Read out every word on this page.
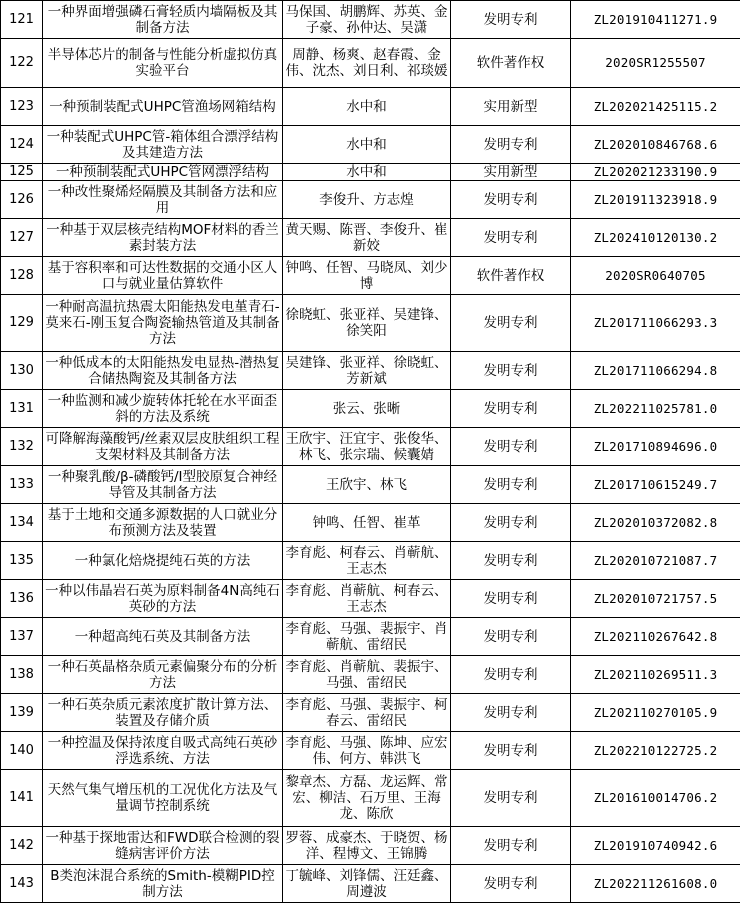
121	一种界面增强磷石膏轻质内墙隔板及其制备方法	马保国、胡鹏辉、苏英、金子豪、孙仲达、吴潇	发明专利	ZL201910411271.9
122	半导体芯片的制备与性能分析虚拟仿真实验平台	周静、杨爽、赵春霞、金伟、沈杰、刘日利、祁琰媛	软件著作权	2020SR1255507
123	一种预制装配式UHPC管渔场网箱结构	水中和	实用新型	ZL202021425115.2
124	一种装配式UHPC管-箱体组合漂浮结构及其建造方法	水中和	发明专利	ZL202010846768.6
125	一种预制装配式UHPC管网漂浮结构	水中和	实用新型	ZL202021233190.9
126	一种改性聚烯烃隔膜及其制备方法和应用	李俊升、方志煌	发明专利	ZL201911323918.9
127	一种基于双层核壳结构MOF材料的香兰素封装方法	黄天赐、陈晋、李俊升、崔新姣	发明专利	ZL202410120130.2
128	基于容积率和可达性数据的交通小区人口与就业量估算软件	钟鸣、任智、马晓凤、刘少博	软件著作权	2020SR0640705
129	一种耐高温抗热震太阳能热发电堇青石-莫来石-刚玉复合陶瓷输热管道及其制备方法	徐晓虹、张亚祥、吴建锋、徐笑阳	发明专利	ZL201711066293.3
130	一种低成本的太阳能热发电显热-潜热复合储热陶瓷及其制备方法	吴建锋、张亚祥、徐晓虹、芳新斌	发明专利	ZL201711066294.8
131	一种监测和减少旋转体托轮在水平面歪斜的方法及系统	张云、张晰	发明专利	ZL202211025781.0
132	可降解海藻酸钙/丝素双层皮肤组织工程支架材料及其制备方法	王欣宇、汪宜宇、张俊华、林飞、张宗瑞、候囊婧	发明专利	ZL201710894696.0
133	一种聚乳酸/β-磷酸钙/I型胶原复合神经导管及其制备方法	王欣宇、林飞	发明专利	ZL201710615249.7
134	基于土地和交通多源数据的人口就业分布预测方法及装置	钟鸣、任智、崔革	发明专利	ZL202010372082.8
135	一种氯化焙烧提纯石英的方法	李育彪、柯春云、肖蕲航、王志杰	发明专利	ZL202010721087.7
136	一种以伟晶岩石英为原料制备4N高纯石英砂的方法	李育彪、肖蕲航、柯春云、王志杰	发明专利	ZL202010721757.5
137	一种超高纯石英及其制备方法	李育彪、马强、裴振宇、肖蕲航、雷绍民	发明专利	ZL202110267642.8
138	一种石英晶格杂质元素偏聚分布的分析方法	李育彪、肖蕲航、裴振宇、马强、雷绍民	发明专利	ZL202110269511.3
139	一种石英杂质元素浓度扩散计算方法、装置及存储介质	李育彪、马强、裴振宇、柯春云、雷绍民	发明专利	ZL202110270105.9
140	一种控温及保持浓度自吸式高纯石英砂浮选系统、方法	李育彪、马强、陈坤、应宏伟、何方、韩洪飞	发明专利	ZL202210122725.2
141	天然气集气增压机的工况优化方法及气量调节控制系统	黎章杰、方磊、龙运辉、常宏、柳洁、石万里、王海龙、陈欣	发明专利	ZL201610014706.2
142	一种基于探地雷达和FWD联合检测的裂缝病害评价方法	罗蓉、成豪杰、于晓贺、杨洋、程博文、王锦腾	发明专利	ZL201910740942.6
143	B类泡沫混合系统的Smith-模糊PID控制方法	丁毓峰、刘锋儒、汪廷鑫、周遵波	发明专利	ZL202211261608.0
